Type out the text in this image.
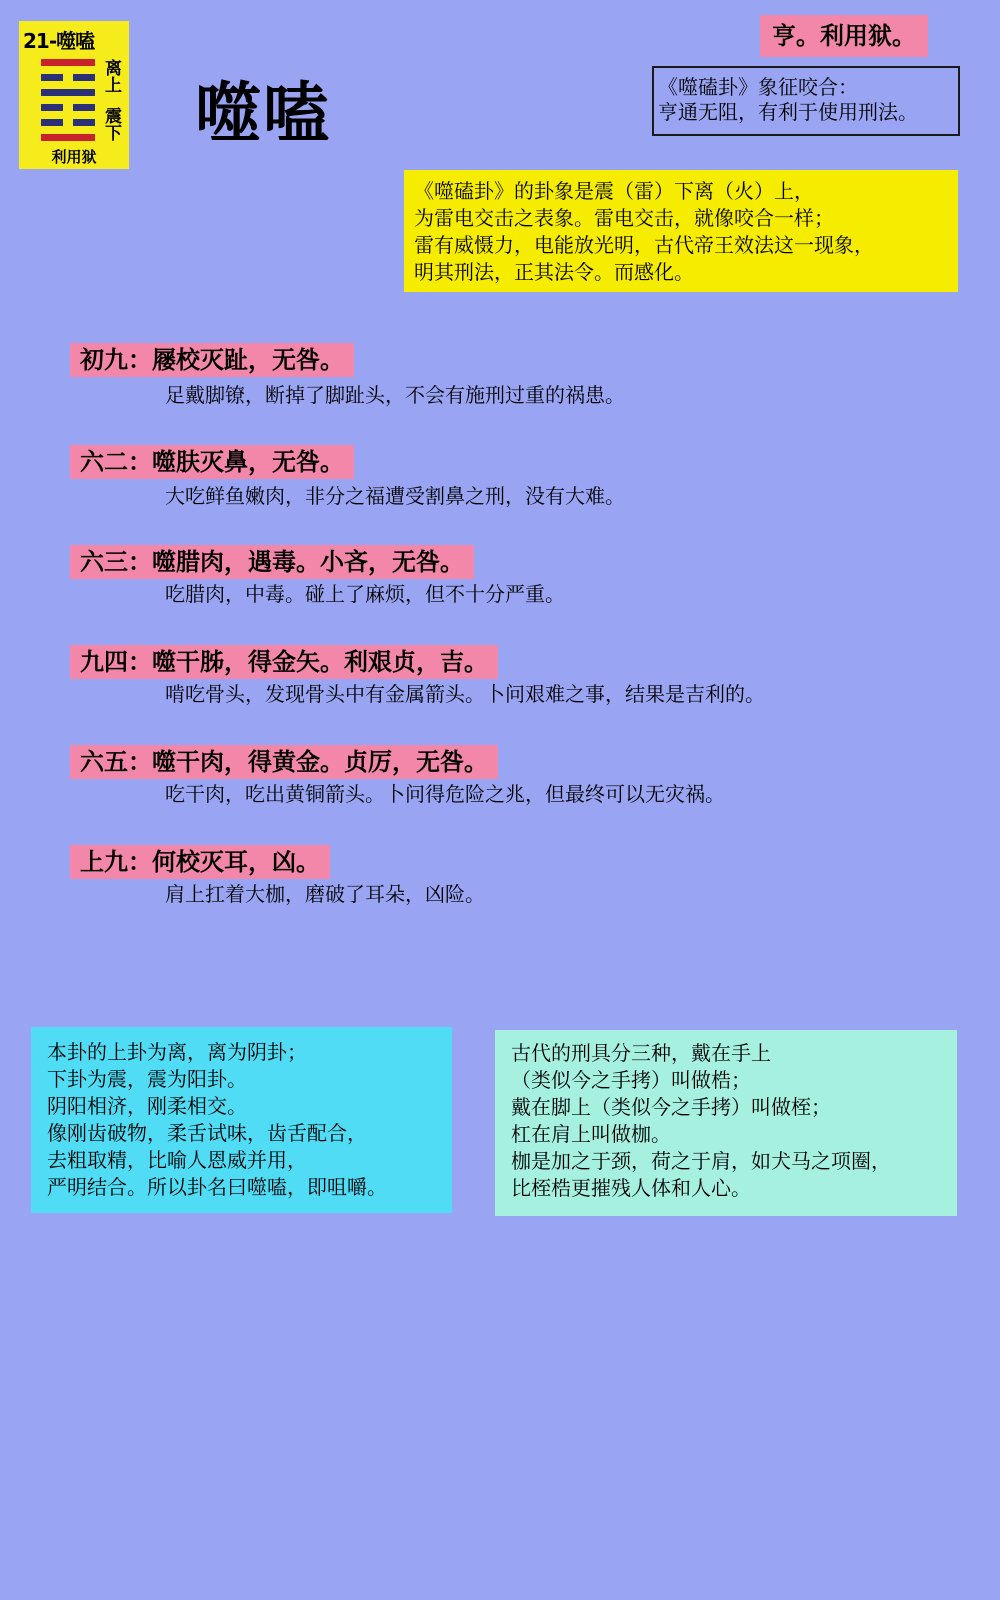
21-噬嗑
离上
震下
利用狱
噬嗑
亨。利用狱。
《噬磕卦》象征咬合：
亨通无阻，有利于使用刑法。
《噬磕卦》的卦象是震（雷）下离（火）上，
为雷电交击之表象。雷电交击，就像咬合一样；
雷有威慑力，电能放光明，古代帝王效法这一现象，
明其刑法，正其法令。而感化。
初九：屦校灭趾，无咎。
足戴脚镣，断掉了脚趾头，不会有施刑过重的祸患。
六二：噬肤灭鼻，无咎。
大吃鲜鱼嫩肉，非分之福遭受割鼻之刑，没有大难。
六三：噬腊肉，遇毒。小吝，无咎。
吃腊肉，中毒。碰上了麻烦，但不十分严重。
九四：噬干胏，得金矢。利艰贞，吉。
啃吃骨头，发现骨头中有金属箭头。卜问艰难之事，结果是吉利的。
六五：噬干肉，得黄金。贞厉，无咎。
吃干肉，吃出黄铜箭头。卜问得危险之兆，但最终可以无灾祸。
上九：何校灭耳，凶。
肩上扛着大枷，磨破了耳朵，凶险。
本卦的上卦为离，离为阴卦；
下卦为震，震为阳卦。
阴阳相济，刚柔相交。
像刚齿破物，柔舌试味，齿舌配合，
去粗取精，比喻人恩威并用，
严明结合。所以卦名曰噬嗑，即咀嚼。
古代的刑具分三种，戴在手上
（类似今之手拷）叫做梏；
戴在脚上（类似今之手拷）叫做桎；
杠在肩上叫做枷。
枷是加之于颈，荷之于肩，如犬马之项圈，
比桎梏更摧残人体和人心。
